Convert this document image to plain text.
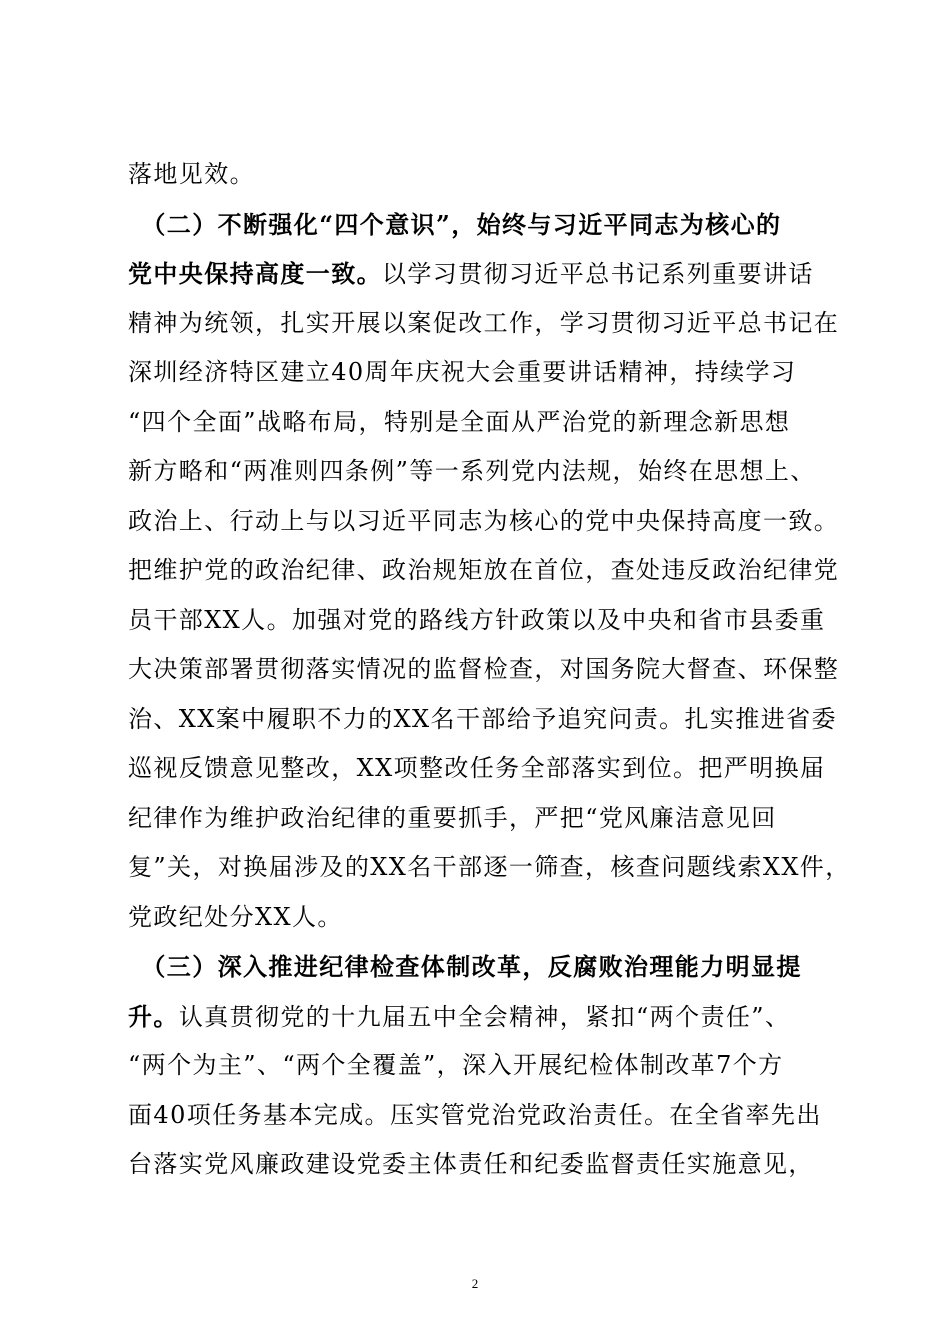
落地见效。
　（二）不断强化“四个意识”，始终与习近平同志为核心的
党中央保持高度一致。以学习贯彻习近平总书记系列重要讲话
精神为统领，扎实开展以案促改工作，学习贯彻习近平总书记在
深圳经济特区建立40周年庆祝大会重要讲话精神，持续学习
“四个全面”战略布局，特别是全面从严治党的新理念新思想
新方略和“两准则四条例”等一系列党内法规，始终在思想上、
政治上、行动上与以习近平同志为核心的党中央保持高度一致。
把维护党的政治纪律、政治规矩放在首位，查处违反政治纪律党
员干部XX人。加强对党的路线方针政策以及中央和省市县委重
大决策部署贯彻落实情况的监督检查，对国务院大督查、环保整
治、XX案中履职不力的XX名干部给予追究问责。扎实推进省委
巡视反馈意见整改，XX项整改任务全部落实到位。把严明换届
纪律作为维护政治纪律的重要抓手，严把“党风廉洁意见回
复”关，对换届涉及的XX名干部逐一筛查，核查问题线索XX件，
党政纪处分XX人。
　（三）深入推进纪律检查体制改革，反腐败治理能力明显提
升。认真贯彻党的十九届五中全会精神，紧扣“两个责任”、
“两个为主”、“两个全覆盖”，深入开展纪检体制改革7个方
面40项任务基本完成。压实管党治党政治责任。在全省率先出
台落实党风廉政建设党委主体责任和纪委监督责任实施意见，
2
